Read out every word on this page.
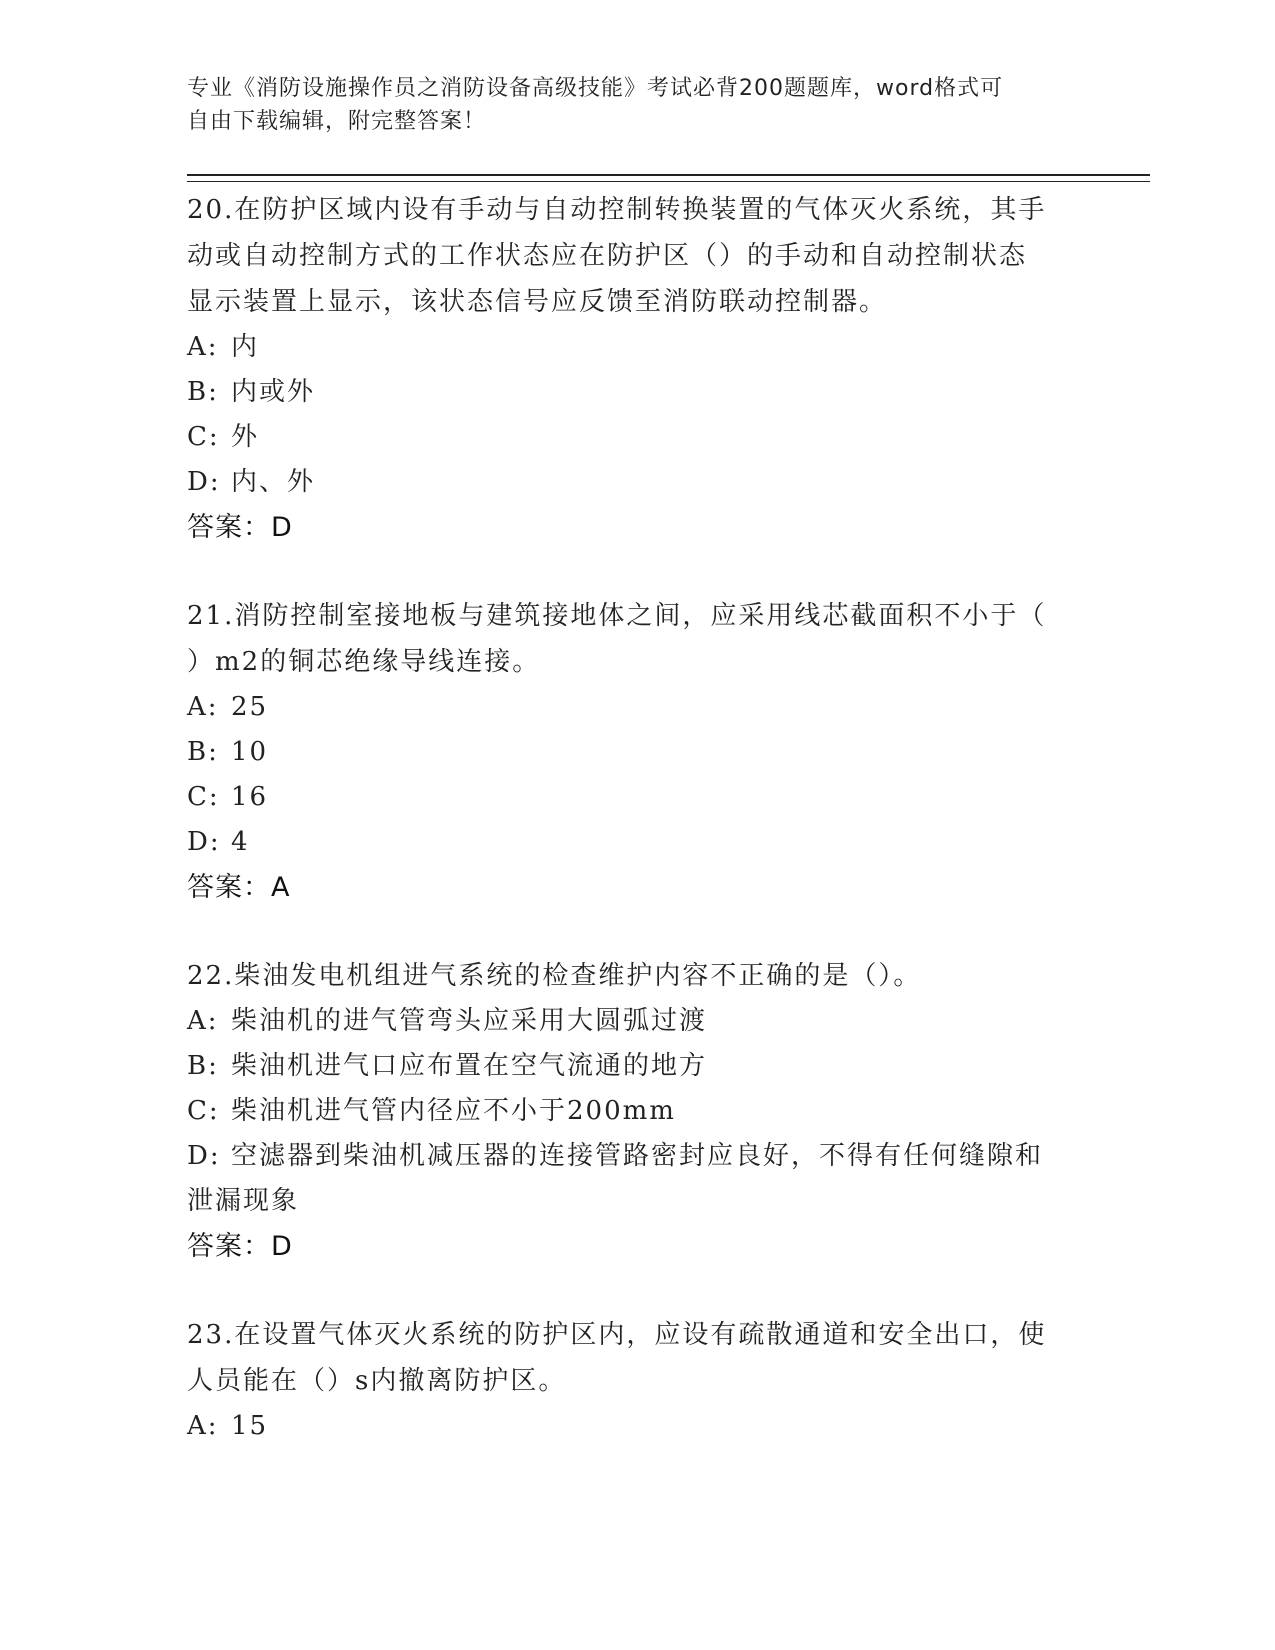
专业《消防设施操作员之消防设备高级技能》考试必背200题题库，word格式可
自由下载编辑，附完整答案！
20.在防护区域内设有手动与自动控制转换装置的气体灭火系统，其手
动或自动控制方式的工作状态应在防护区（）的手动和自动控制状态
显示装置上显示，该状态信号应反馈至消防联动控制器。
A: 内
B: 内或外
C: 外
D: 内、外
答案：D
21.消防控制室接地板与建筑接地体之间，应采用线芯截面积不小于（
）m2的铜芯绝缘导线连接。
A: 25
B: 10
C: 16
D: 4
答案：A
22.柴油发电机组进气系统的检查维护内容不正确的是（）。
A: 柴油机的进气管弯头应采用大圆弧过渡
B: 柴油机进气口应布置在空气流通的地方
C: 柴油机进气管内径应不小于200mm
D: 空滤器到柴油机减压器的连接管路密封应良好，不得有任何缝隙和
泄漏现象
答案：D
23.在设置气体灭火系统的防护区内，应设有疏散通道和安全出口，使
人员能在（）s内撤离防护区。
A: 15
